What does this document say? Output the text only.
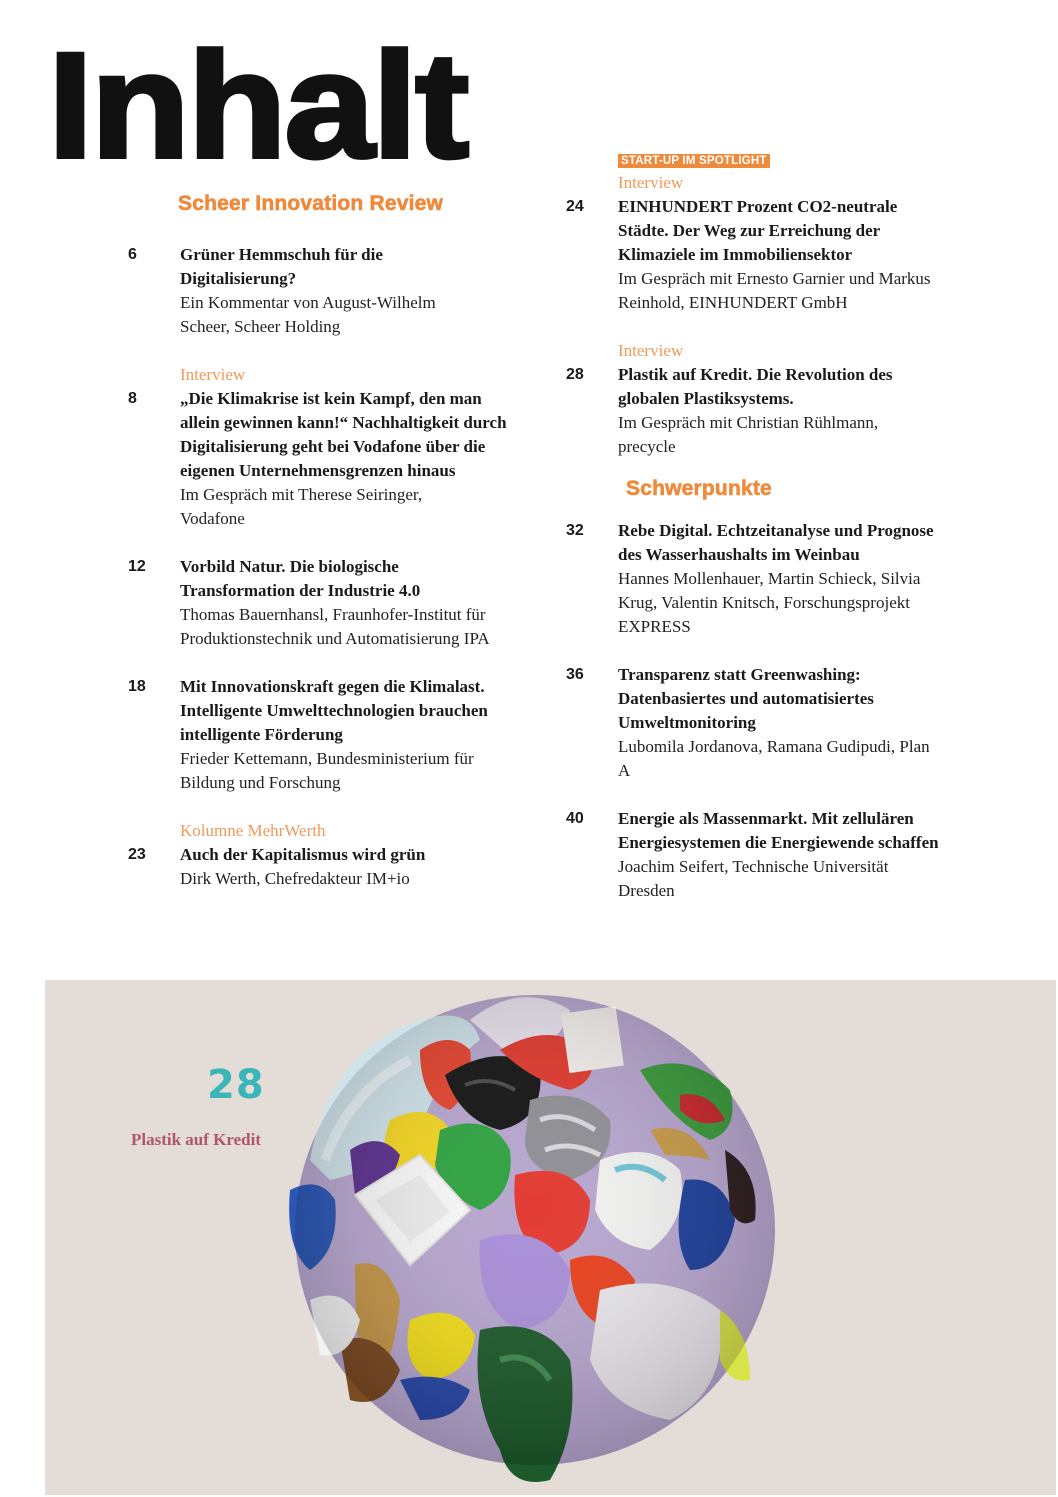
Inhalt
Scheer Innovation Review
6	Grüner Hemmschuh für die Digitalisierung?
Ein Kommentar von August-Wilhelm Scheer, Scheer Holding
Interview
8	„Die Klimakrise ist kein Kampf, den man allein gewinnen kann!“ Nachhaltigkeit durch Digitalisierung geht bei Vodafone über die eigenen Unternehmensgrenzen hinaus
Im Gespräch mit Therese Seiringer, Vodafone
12	Vorbild Natur. Die biologische Transformation der Industrie 4.0
Thomas Bauernhansl, Fraunhofer-Institut für Produktionstechnik und Automatisierung IPA
18	Mit Innovationskraft gegen die Klimalast. Intelligente Umwelttechnologien brauchen intelligente Förderung
Frieder Kettemann, Bundesministerium für Bildung und Forschung
Kolumne MehrWerth
23	Auch der Kapitalismus wird grün
Dirk Werth, Chefredakteur IM+io
START-UP IM SPOTLIGHT
Interview
24	EINHUNDERT Prozent CO2-neutrale Städte. Der Weg zur Erreichung der Klimaziele im Immobiliensektor
Im Gespräch mit Ernesto Garnier und Markus Reinhold, EINHUNDERT GmbH
Interview
28	Plastik auf Kredit. Die Revolution des globalen Plastiksystems.
Im Gespräch mit Christian Rühlmann, precycle
Schwerpunkte
32	Rebe Digital. Echtzeitanalyse und Prognose des Wasserhaushalts im Weinbau
Hannes Mollenhauer, Martin Schieck, Silvia Krug, Valentin Knitsch, Forschungsprojekt EXPRESS
36	Transparenz statt Greenwashing: Datenbasiertes und automatisiertes Umweltmonitoring
Lubomila Jordanova, Ramana Gudipudi, Plan A
40	Energie als Massenmarkt. Mit zellulären Energiesystemen die Energiewende schaffen
Joachim Seifert, Technische Universität Dresden
28
Plastik auf Kredit
